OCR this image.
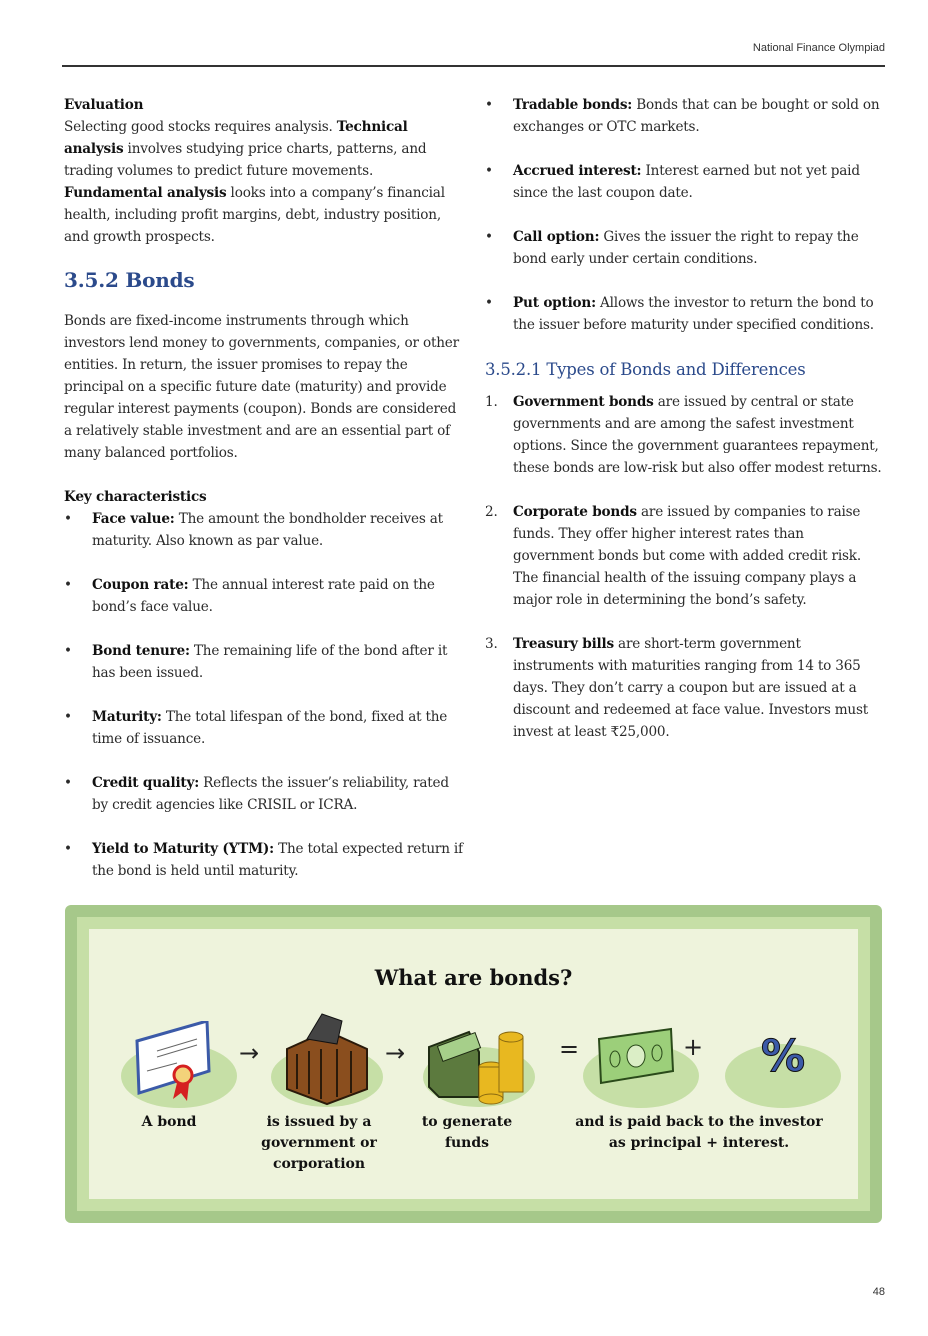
National Finance Olympiad

Evaluation

Selecting good stocks requires analysis. Technical analysis involves studying price charts, patterns, and trading volumes to predict future movements. Fundamental analysis looks into a company’s financial health, including profit margins, debt, industry position, and growth prospects.

3.5.2 Bonds

Bonds are fixed-income instruments through which investors lend money to governments, companies, or other entities. In return, the issuer promises to repay the principal on a specific future date (maturity) and provide regular interest payments (coupon). Bonds are considered a relatively stable investment and are an essential part of many balanced portfolios.

Key characteristics

• Face value: The amount the bondholder receives at maturity. Also known as par value.
• Coupon rate: The annual interest rate paid on the bond’s face value.
• Bond tenure: The remaining life of the bond after it has been issued.
• Maturity: The total lifespan of the bond, fixed at the time of issuance.
• Credit quality: Reflects the issuer’s reliability, rated by credit agencies like CRISIL or ICRA.
• Yield to Maturity (YTM): The total expected return if the bond is held until maturity.
• Tradable bonds: Bonds that can be bought or sold on exchanges or OTC markets.
• Accrued interest: Interest earned but not yet paid since the last coupon date.
• Call option: Gives the issuer the right to repay the bond early under certain conditions.
• Put option: Allows the investor to return the bond to the issuer before maturity under specified conditions.
3.5.2.1 Types of Bonds and Differences
1. Government bonds are issued by central or state governments and are among the safest investment options. Since the government guarantees repayment, these bonds are low-risk but also offer modest returns.
2. Corporate bonds are issued by companies to raise funds. They offer higher interest rates than government bonds but come with added credit risk. The financial health of the issuing company plays a major role in determining the bond’s safety.
3. Treasury bills are short-term government instruments with maturities ranging from 14 to 365 days. They don’t carry a coupon but are issued at a discount and redeemed at face value. Investors must invest at least ₹25,000.
What are bonds?
→	→	=	+ %
A bond	is issued by a government or corporation
to generate funds
and is paid back to the investor as principal + interest.
48
